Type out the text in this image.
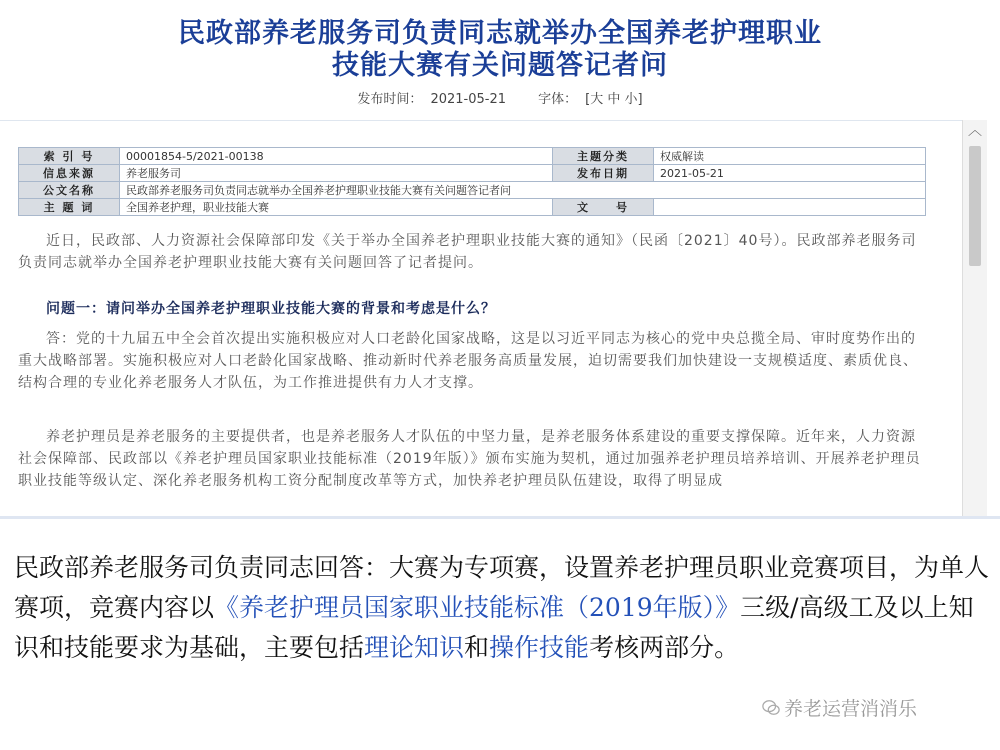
民政部养老服务司负责同志就举办全国养老护理职业
技能大赛有关问题答记者问
发布时间： 2021-05-21 字体： [大 中 小]
︿
索 引 号	00001854-5/2021-00138	主题分类	权威解读
信息来源	养老服务司	发布日期	2021-05-21
公文名称	民政部养老服务司负责同志就举办全国养老护理职业技能大赛有关问题答记者问		
主 题 词	全国养老护理，职业技能大赛	文　　号	
近日，民政部、人力资源社会保障部印发《关于举办全国养老护理职业技能大赛的通知》（民函〔2021〕40号）。民政部养老服务司负责同志就举办全国养老护理职业技能大赛有关问题回答了记者提问。
问题一：请问举办全国养老护理职业技能大赛的背景和考虑是什么？
答：党的十九届五中全会首次提出实施积极应对人口老龄化国家战略，这是以习近平同志为核心的党中央总揽全局、审时度势作出的重大战略部署。实施积极应对人口老龄化国家战略、推动新时代养老服务高质量发展，迫切需要我们加快建设一支规模适度、素质优良、结构合理的专业化养老服务人才队伍，为工作推进提供有力人才支撑。
养老护理员是养老服务的主要提供者，也是养老服务人才队伍的中坚力量，是养老服务体系建设的重要支撑保障。近年来，人力资源社会保障部、民政部以《养老护理员国家职业技能标准（2019年版）》颁布实施为契机，通过加强养老护理员培养培训、开展养老护理员职业技能等级认定、深化养老服务机构工资分配制度改革等方式，加快养老护理员队伍建设，取得了明显成
民政部养老服务司负责同志回答：大赛为专项赛，设置养老护理员职业竞赛项目，为单人赛项，竞赛内容以《养老护理员国家职业技能标准（2019年版）》三级/高级工及以上知识和技能要求为基础，主要包括理论知识和操作技能考核两部分。
养老运营消消乐
